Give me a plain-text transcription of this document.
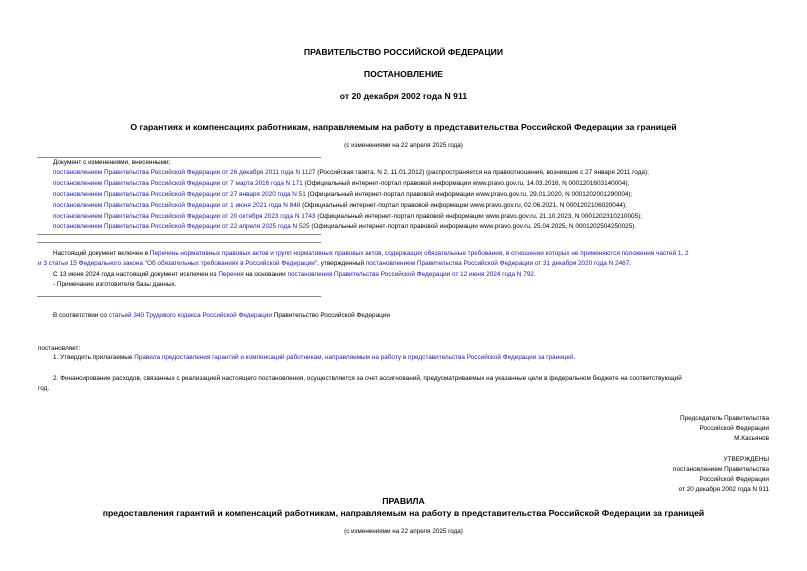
ПРАВИТЕЛЬСТВО РОССИЙСКОЙ ФЕДЕРАЦИИ
ПОСТАНОВЛЕНИЕ
от 20 декабря 2002 года N 911
О гарантиях и компенсациях работникам, направляемым на работу в представительства Российской Федерации за границей
(с изменениями на 22 апреля 2025 года)
Документ с изменениями, внесенными:
постановлением Правительства Российской Федерации от 26 декабря 2011 года N 1127 (Российская газета, N 2, 11.01.2012) (распространяется на правоотношения, возникшие с 27 января 2011 года);
постановлением Правительства Российской Федерации от 7 марта 2016 года N 171 (Официальный интернет-портал правовой информации www.pravo.gov.ru, 14.03.2016, N 0001201603140004);
постановлением Правительства Российской Федерации от 27 января 2020 года N 51 (Официальный интернет-портал правовой информации www.pravo.gov.ru, 29.01.2020, N 0001202001290004);
постановлением Правительства Российской Федерации от 1 июня 2021 года N 848 (Официальный интернет-портал правовой информации www.pravo.gov.ru, 02.06.2021, N 0001202106020044);
постановлением Правительства Российской Федерации от 20 октября 2023 года N 1743 (Официальный интернет-портал правовой информации www.pravo.gov.ru, 21.10.2023, N 0001202310210005);
постановлением Правительства Российской Федерации от 22 апреля 2025 года N 525 (Официальный интернет-портал правовой информации www.pravo.gov.ru, 25.04.2025, N 0001202504250025).
Настоящий документ включен в Перечень нормативных правовых актов и групп нормативных правовых актов, содержащих обязательные требования, в отношении которых не применяются положения частей 1, 2
и 3 статьи 15 Федерального закона "Об обязательных требованиях в Российской Федерации", утвержденный постановлением Правительства Российской Федерации от 31 декабря 2020 года N 2467.
С 13 июня 2024 года настоящий документ исключен из Перечня на основании постановления Правительства Российской Федерации от 12 июня 2024 года N 792.
- Примечание изготовителя базы данных.
В соответствии со статьей 340 Трудового кодекса Российской Федерации Правительство Российской Федерации
постановляет:
1. Утвердить прилагаемые Правила предоставления гарантий и компенсаций работникам, направляемым на работу в представительства Российской Федерации за границей.
2. Финансирование расходов, связанных с реализацией настоящего постановления, осуществляется за счет ассигнований, предусматриваемых на указанные цели в федеральном бюджете на соответствующий
год.
Председатель Правительства
Российской Федерации
М.Касьянов
УТВЕРЖДЕНЫ
постановлением Правительства
Российской Федерации
от 20 декабря 2002 года N 911
ПРАВИЛА
предоставления гарантий и компенсаций работникам, направляемым на работу в представительства Российской Федерации за границей
(с изменениями на 22 апреля 2025 года)
